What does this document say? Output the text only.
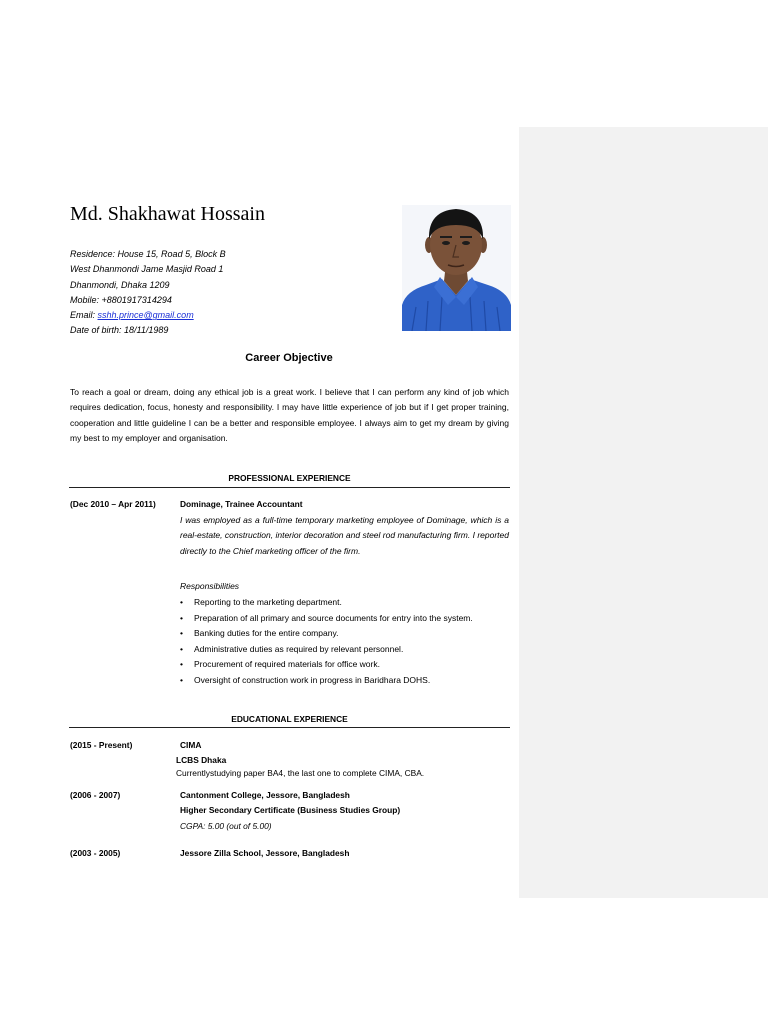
Md. Shakhawat Hossain
Residence: House 15, Road 5, Block B
West Dhanmondi Jame Masjid Road 1
Dhanmondi, Dhaka 1209
Mobile: +8801917314294
Email: sshh.prince@gmail.com
Date of birth: 18/11/1989
Career Objective
To reach a goal or dream, doing any ethical job is a great work. I believe that I can perform any kind of job which requires dedication, focus, honesty and responsibility. I may have little experience of job but if I get proper training, cooperation and little guideline I can be a better and responsible employee. I always aim to get my dream by giving my best to my employer and organisation.
PROFESSIONAL EXPERIENCE
(Dec 2010 – Apr 2011)	Dominage, Trainee Accountant
I was employed as a full-time temporary marketing employee of Dominage, which is a real-estate, construction, interior decoration and steel rod manufacturing firm. I reported directly to the Chief marketing officer of the firm.
Responsibilities
• Reporting to the marketing department.
• Preparation of all primary and source documents for entry into the system.
• Banking duties for the entire company.
• Administrative duties as required by relevant personnel.
• Procurement of required materials for office work.
• Oversight of construction work in progress in Baridhara DOHS.
EDUCATIONAL EXPERIENCE
(2015 - Present)	CIMA
LCBS Dhaka
Currentlystudying paper BA4, the last one to complete CIMA, CBA.
(2006 - 2007)	Cantonment College, Jessore, Bangladesh
Higher Secondary Certificate (Business Studies Group)
CGPA: 5.00 (out of 5.00)
(2003 - 2005)	Jessore Zilla School, Jessore, Bangladesh
